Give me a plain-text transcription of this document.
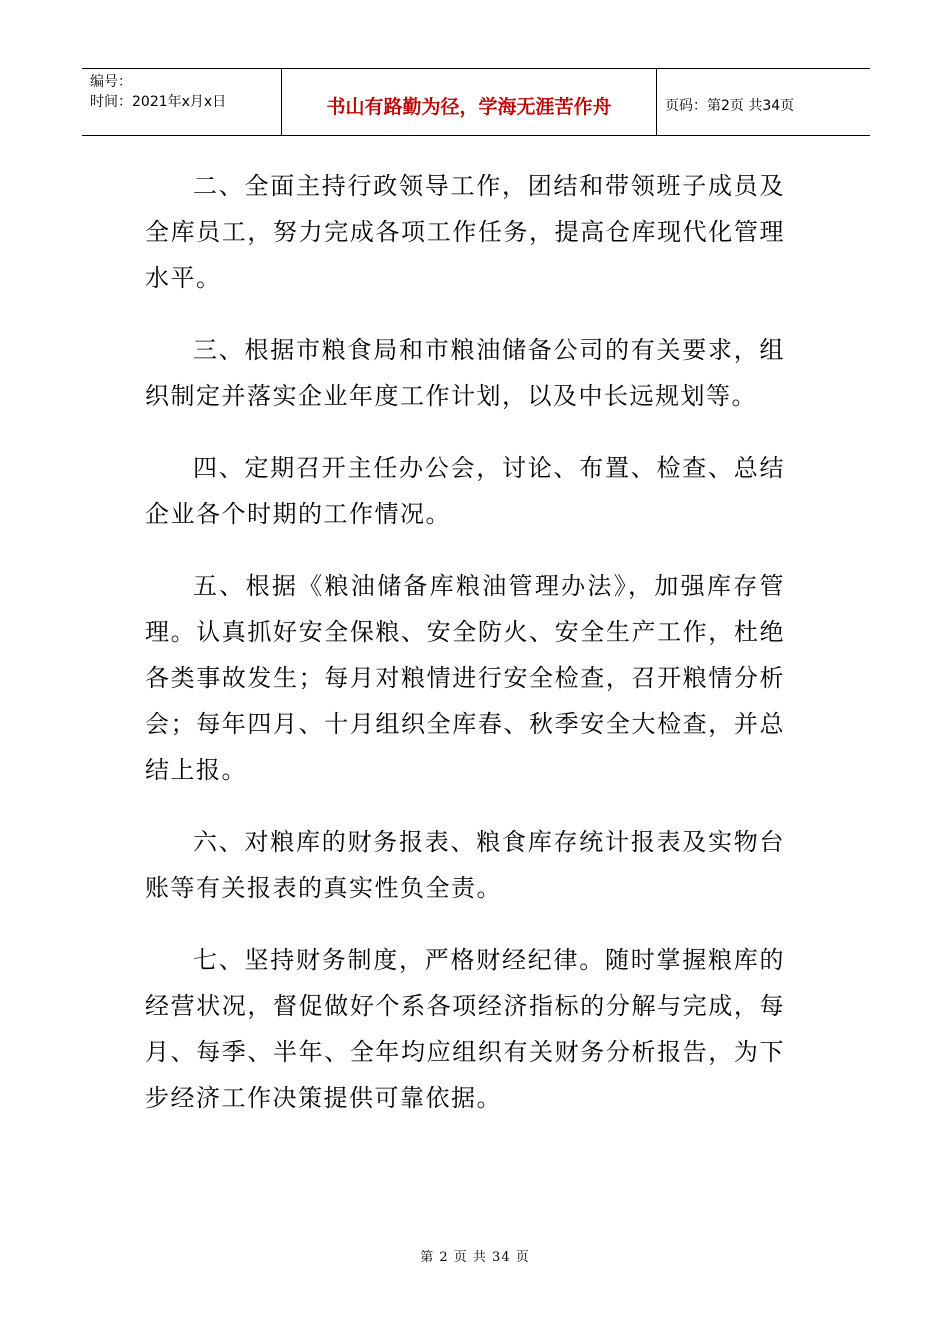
编号：
时间：2021年x月x日	书山有路勤为径，学海无涯苦作舟	页码：第2页 共34页

二、全面主持行政领导工作，团结和带领班子成员及全库员工，努力完成各项工作任务，提高仓库现代化管理水平。

三、根据市粮食局和市粮油储备公司的有关要求，组织制定并落实企业年度工作计划，以及中长远规划等。

四、定期召开主任办公会，讨论、布置、检查、总结企业各个时期的工作情况。

五、根据《粮油储备库粮油管理办法》，加强库存管理。认真抓好安全保粮、安全防火、安全生产工作，杜绝各类事故发生；每月对粮情进行安全检查，召开粮情分析会；每年四月、十月组织全库春、秋季安全大检查，并总结上报。

六、对粮库的财务报表、粮食库存统计报表及实物台账等有关报表的真实性负全责。

七、坚持财务制度，严格财经纪律。随时掌握粮库的经营状况，督促做好个系各项经济指标的分解与完成，每月、每季、半年、全年均应组织有关财务分析报告，为下步经济工作决策提供可靠依据。

第 2 页 共 34 页
